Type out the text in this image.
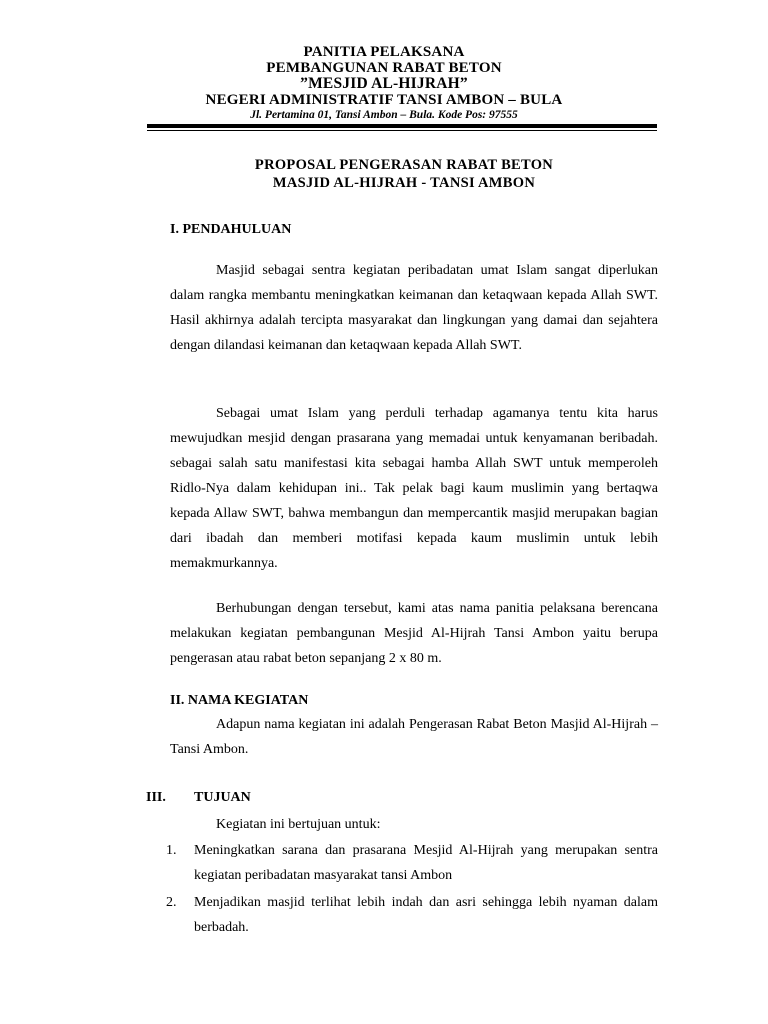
PANITIA PELAKSANA
PEMBANGUNAN RABAT BETON
”MESJID AL-HIJRAH”
NEGERI ADMINISTRATIF TANSI AMBON – BULA
Jl. Pertamina 01, Tansi Ambon – Bula. Kode Pos: 97555
PROPOSAL PENGERASAN RABAT BETON
MASJID AL-HIJRAH - TANSI AMBON
I. PENDAHULUAN

Masjid sebagai sentra kegiatan peribadatan umat Islam sangat diperlukan dalam rangka membantu meningkatkan keimanan dan ketaqwaan kepada Allah SWT. Hasil akhirnya adalah tercipta masyarakat dan lingkungan yang damai dan sejahtera dengan dilandasi keimanan dan ketaqwaan kepada Allah SWT.

Sebagai umat Islam yang perduli terhadap agamanya tentu kita harus mewujudkan mesjid dengan prasarana yang memadai untuk kenyamanan beribadah. sebagai salah satu manifestasi kita sebagai hamba Allah SWT untuk memperoleh Ridlo-Nya dalam kehidupan ini.. Tak pelak bagi kaum muslimin yang bertaqwa kepada Allaw SWT, bahwa membangun dan mempercantik masjid merupakan bagian dari ibadah dan memberi motifasi kepada kaum muslimin untuk lebih memakmurkannya.

Berhubungan dengan tersebut, kami atas nama panitia pelaksana berencana melakukan kegiatan pembangunan Mesjid Al-Hijrah Tansi Ambon yaitu berupa pengerasan atau rabat beton sepanjang 2 x 80 m.

II. NAMA KEGIATAN

Adapun nama kegiatan ini adalah Pengerasan Rabat Beton Masjid Al-Hijrah – Tansi Ambon.

III. TUJUAN
Kegiatan ini bertujuan untuk:
1. Meningkatkan sarana dan prasarana Mesjid Al-Hijrah yang merupakan sentra kegiatan peribadatan masyarakat tansi Ambon
2. Menjadikan masjid terlihat lebih indah dan asri sehingga lebih nyaman dalam berbadah.
